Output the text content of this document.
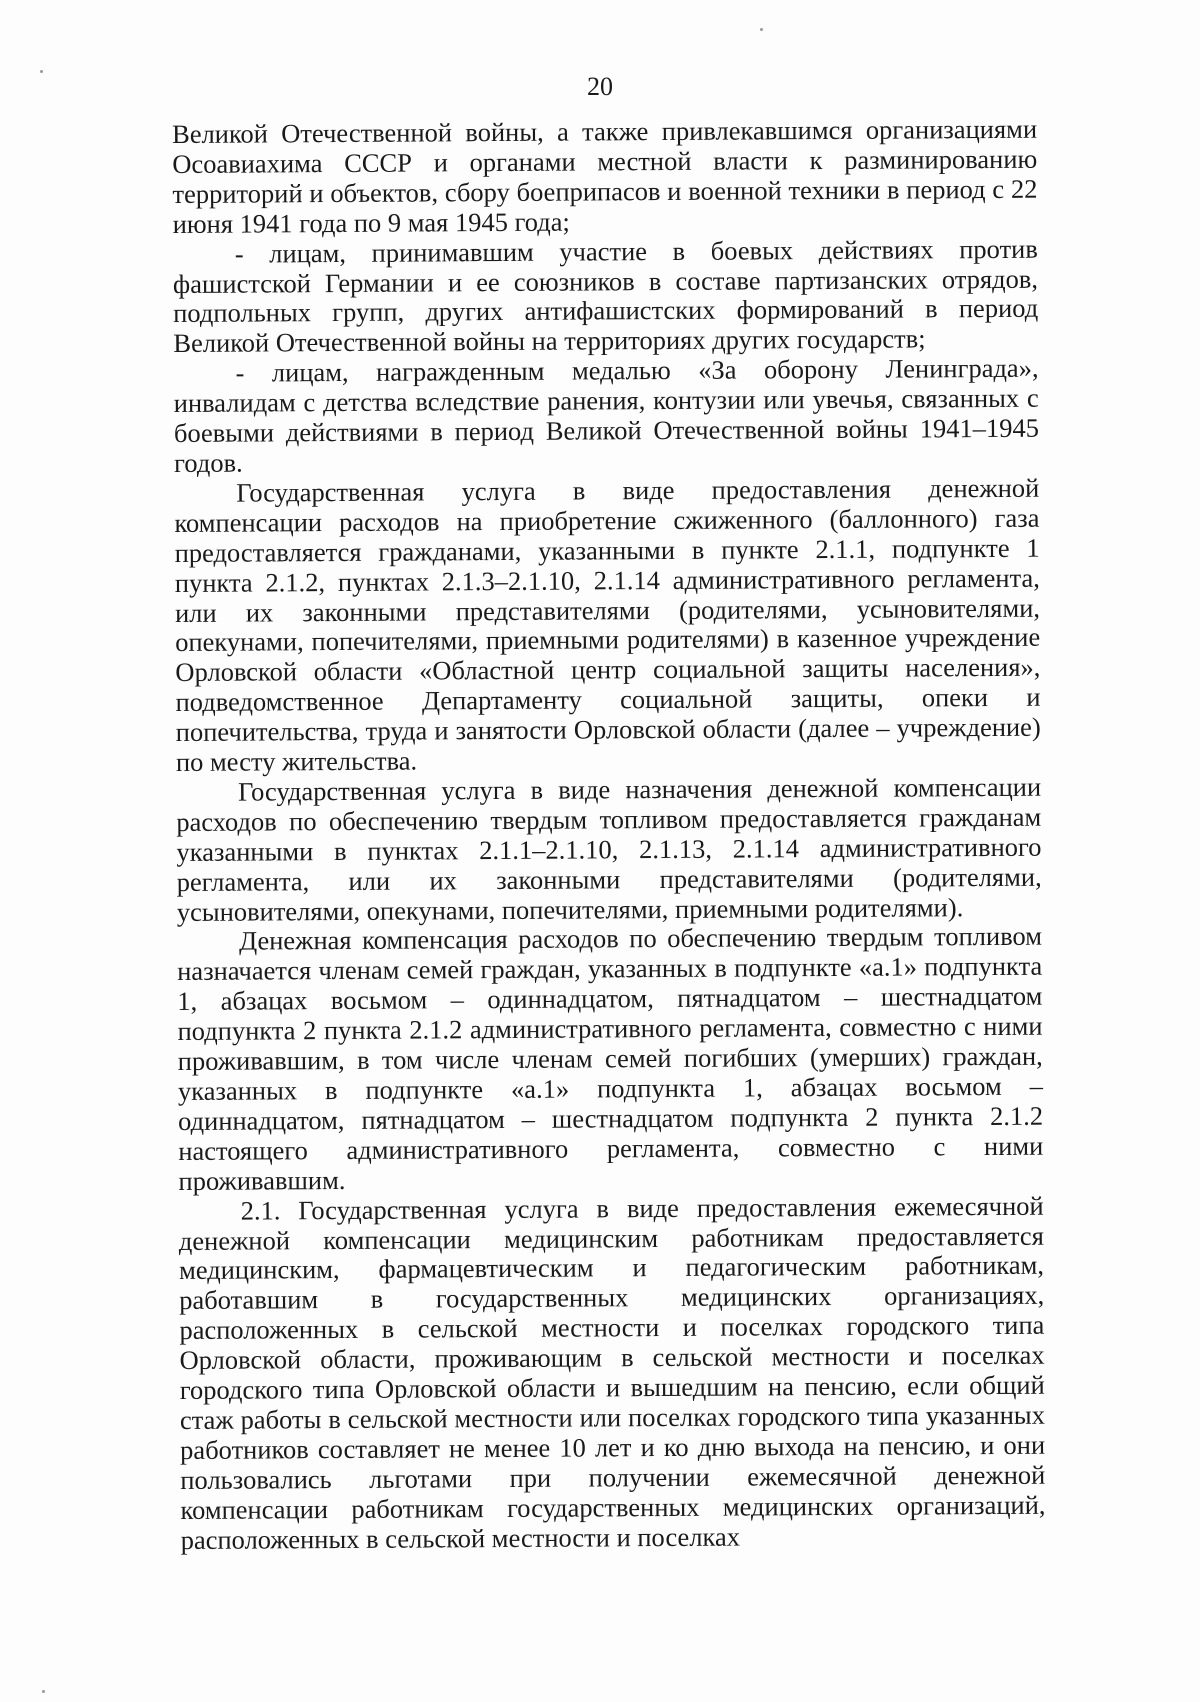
20

Великой Отечественной войны, а также привлекавшимся организациями Осоавиахима СССР и органами местной власти к разминированию территорий и объектов, сбору боеприпасов и военной техники в период с 22 июня 1941 года по 9 мая 1945 года;

- лицам, принимавшим участие в боевых действиях против фашистской Германии и ее союзников в составе партизанских отрядов, подпольных групп, других антифашистских формирований в период Великой Отечественной войны на территориях других государств;

- лицам, награжденным медалью «За оборону Ленинграда», инвалидам с детства вследствие ранения, контузии или увечья, связанных с боевыми действиями в период Великой Отечественной войны 1941–1945 годов.

Государственная услуга в виде предоставления денежной компенсации расходов на приобретение сжиженного (баллонного) газа предоставляется гражданами, указанными в пункте 2.1.1, подпункте 1 пункта 2.1.2, пунктах 2.1.3–2.1.10, 2.1.14 административного регламента, или их законными представителями (родителями, усыновителями, опекунами, попечителями, приемными родителями) в казенное учреждение Орловской области «Областной центр социальной защиты населения», подведомственное Департаменту социальной защиты, опеки и попечительства, труда и занятости Орловской области (далее – учреждение) по месту жительства.

Государственная услуга в виде назначения денежной компенсации расходов по обеспечению твердым топливом предоставляется гражданам указанными в пунктах 2.1.1–2.1.10, 2.1.13, 2.1.14 административного регламента, или их законными представителями (родителями, усыновителями, опекунами, попечителями, приемными родителями).

Денежная компенсация расходов по обеспечению твердым топливом назначается членам семей граждан, указанных в подпункте «а.1» подпункта 1, абзацах восьмом – одиннадцатом, пятнадцатом – шестнадцатом подпункта 2 пункта 2.1.2 административного регламента, совместно с ними проживавшим, в том числе членам семей погибших (умерших) граждан, указанных в подпункте «а.1» подпункта 1, абзацах восьмом – одиннадцатом, пятнадцатом – шестнадцатом подпункта 2 пункта 2.1.2 настоящего административного регламента, совместно с ними проживавшим.

2.1. Государственная услуга в виде предоставления ежемесячной денежной компенсации медицинским работникам предоставляется медицинским, фармацевтическим и педагогическим работникам, работавшим в государственных медицинских организациях, расположенных в сельской местности и поселках городского типа Орловской области, проживающим в сельской местности и поселках городского типа Орловской области и вышедшим на пенсию, если общий стаж работы в сельской местности или поселках городского типа указанных работников составляет не менее 10 лет и ко дню выхода на пенсию, и они пользовались льготами при получении ежемесячной денежной компенсации работникам государственных медицинских организаций, расположенных в сельской местности и поселках
